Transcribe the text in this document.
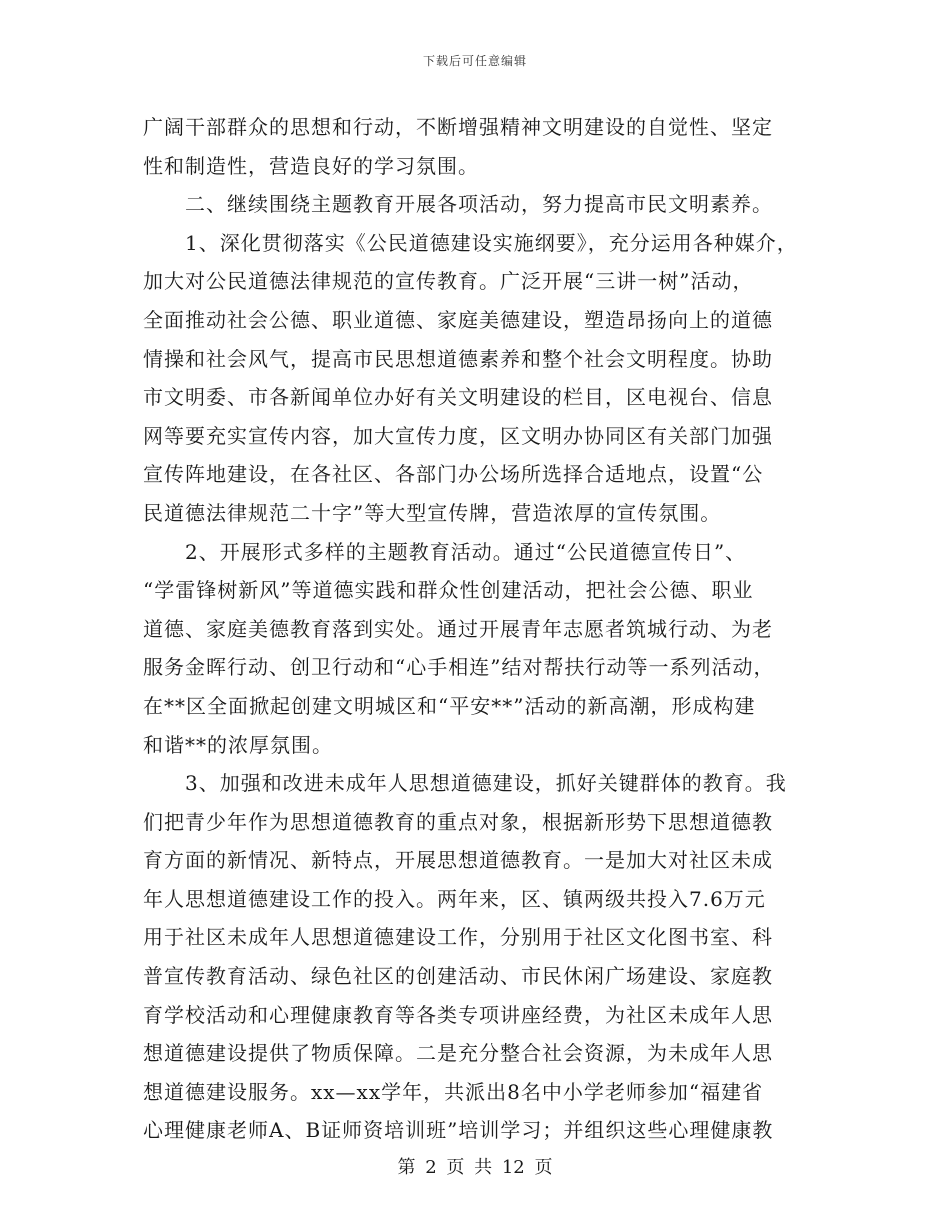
下载后可任意编辑
广阔干部群众的思想和行动，不断增强精神文明建设的自觉性、坚定
性和制造性，营造良好的学习氛围。
二、继续围绕主题教育开展各项活动，努力提高市民文明素养。
1、深化贯彻落实《公民道德建设实施纲要》，充分运用各种媒介，
加大对公民道德法律规范的宣传教育。广泛开展“三讲一树”活动，
全面推动社会公德、职业道德、家庭美德建设，塑造昂扬向上的道德
情操和社会风气，提高市民思想道德素养和整个社会文明程度。协助
市文明委、市各新闻单位办好有关文明建设的栏目，区电视台、信息
网等要充实宣传内容，加大宣传力度，区文明办协同区有关部门加强
宣传阵地建设，在各社区、各部门办公场所选择合适地点，设置“公
民道德法律规范二十字”等大型宣传牌，营造浓厚的宣传氛围。
2、开展形式多样的主题教育活动。通过“公民道德宣传日”、
“学雷锋树新风”等道德实践和群众性创建活动，把社会公德、职业
道德、家庭美德教育落到实处。通过开展青年志愿者筑城行动、为老
服务金晖行动、创卫行动和“心手相连”结对帮扶行动等一系列活动，
在**区全面掀起创建文明城区和“平安**”活动的新高潮，形成构建
和谐**的浓厚氛围。
3、加强和改进未成年人思想道德建设，抓好关键群体的教育。我
们把青少年作为思想道德教育的重点对象，根据新形势下思想道德教
育方面的新情况、新特点，开展思想道德教育。一是加大对社区未成
年人思想道德建设工作的投入。两年来，区、镇两级共投入7.6万元
用于社区未成年人思想道德建设工作，分别用于社区文化图书室、科
普宣传教育活动、绿色社区的创建活动、市民休闲广场建设、家庭教
育学校活动和心理健康教育等各类专项讲座经费，为社区未成年人思
想道德建设提供了物质保障。二是充分整合社会资源，为未成年人思
想道德建设服务。xx—xx学年，共派出8名中小学老师参加“福建省
心理健康老师A、B证师资培训班”培训学习；并组织这些心理健康教
第 2 页 共 12 页
